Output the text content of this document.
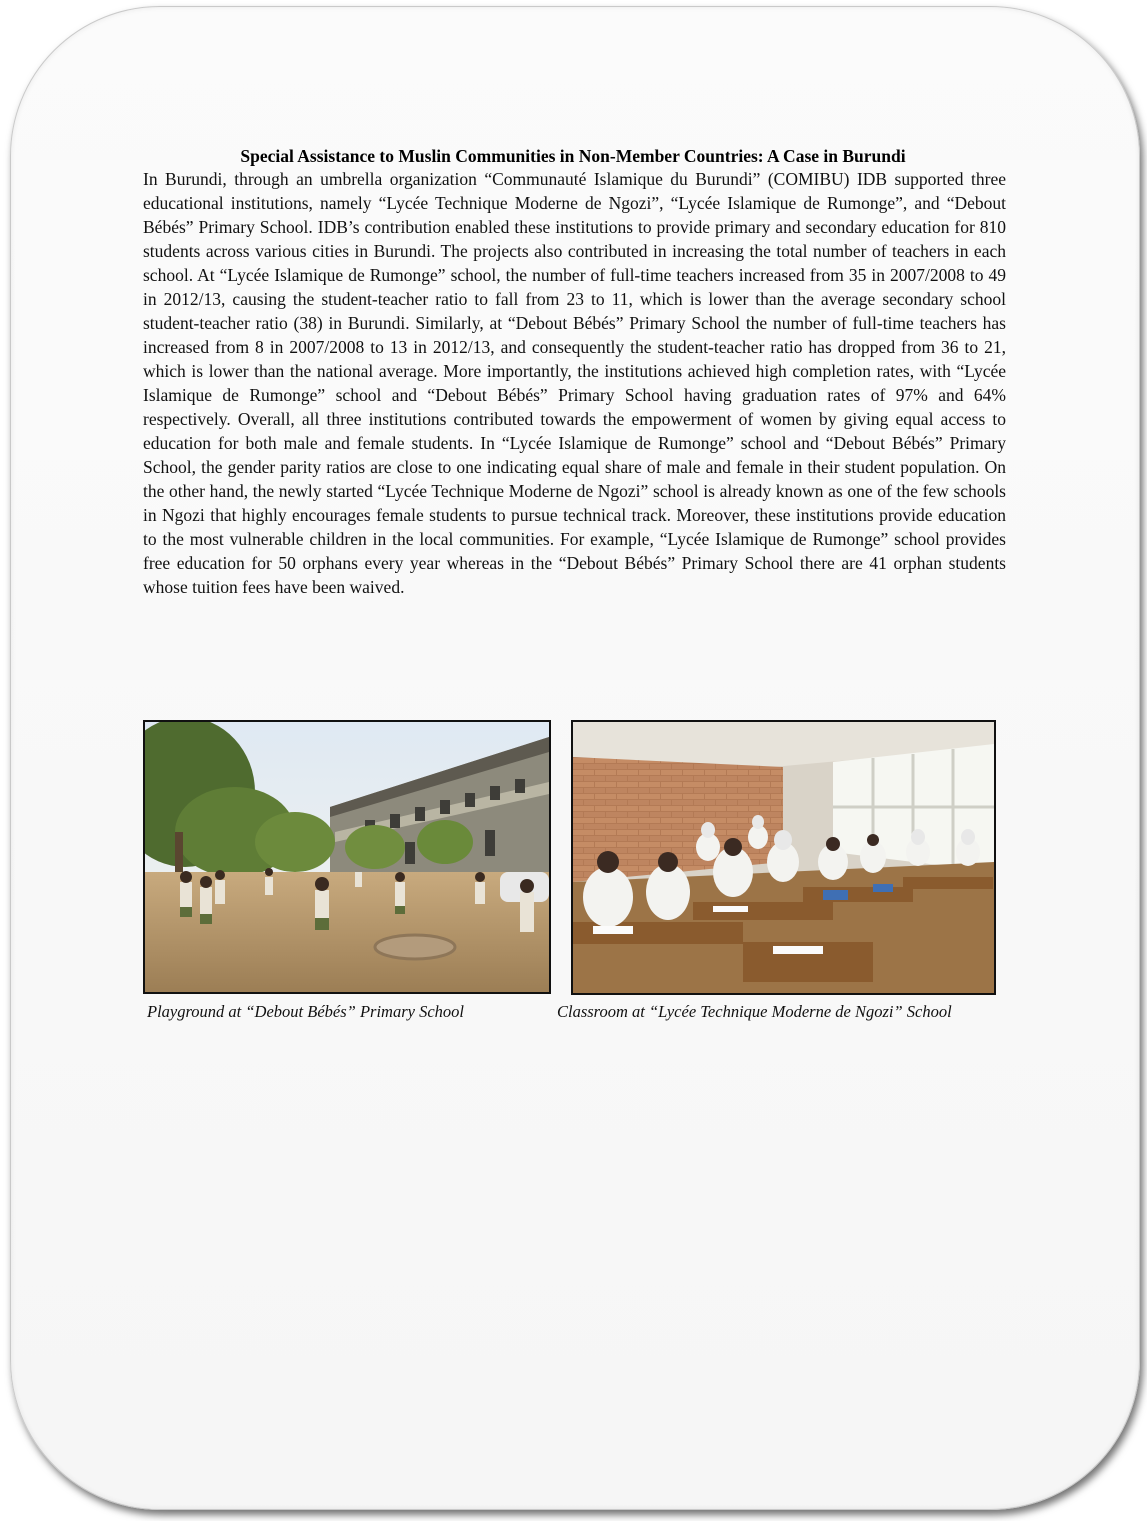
Special Assistance to Muslin Communities in Non-Member Countries: A Case in Burundi

In Burundi, through an umbrella organization “Communauté Islamique du Burundi” (COMIBU) IDB supported three educational institutions, namely “Lycée Technique Moderne de Ngozi”, “Lycée Islamique de Rumonge”, and “Debout Bébés” Primary School. IDB’s contribution enabled these institutions to provide primary and secondary education for 810 students across various cities in Burundi. The projects also contributed in increasing the total number of teachers in each school. At “Lycée Islamique de Rumonge” school, the number of full-time teachers increased from 35 in 2007/2008 to 49 in 2012/13, causing the student-teacher ratio to fall from 23 to 11, which is lower than the average secondary school student-teacher ratio (38) in Burundi. Similarly, at “Debout Bébés” Primary School the number of full-time teachers has increased from 8 in 2007/2008 to 13 in 2012/13, and consequently the student-teacher ratio has dropped from 36 to 21, which is lower than the national average. More importantly, the institutions achieved high completion rates, with “Lycée Islamique de Rumonge” school and “Debout Bébés” Primary School having graduation rates of 97% and 64% respectively. Overall, all three institutions contributed towards the empowerment of women by giving equal access to education for both male and female students. In “Lycée Islamique de Rumonge” school and “Debout Bébés” Primary School, the gender parity ratios are close to one indicating equal share of male and female in their student population. On the other hand, the newly started “Lycée Technique Moderne de Ngozi” school is already known as one of the few schools in Ngozi that highly encourages female students to pursue technical track. Moreover, these institutions provide education to the most vulnerable children in the local communities. For example, “Lycée Islamique de Rumonge” school provides free education for 50 orphans every year whereas in the “Debout Bébés” Primary School there are 41 orphan students whose tuition fees have been waived.

Playground at “Debout Bébés” Primary School	Classroom at “Lycée Technique Moderne de Ngozi” School
